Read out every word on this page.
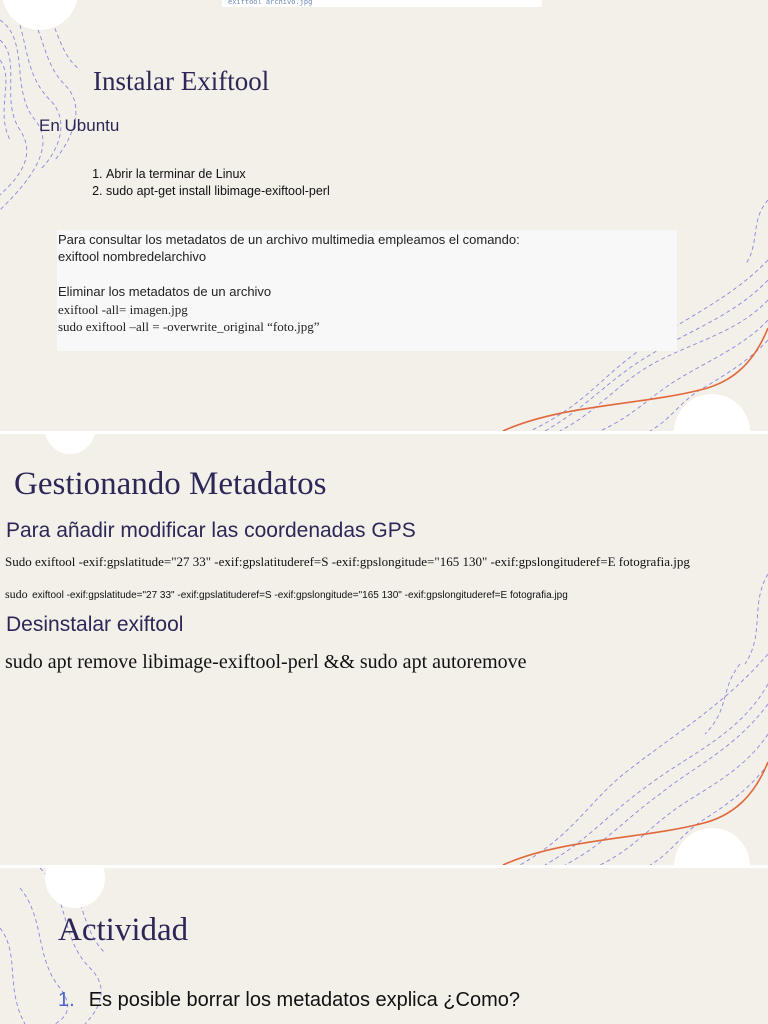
exiftool archivo.jpg
Instalar Exiftool
En Ubuntu
1. Abrir la terminar de Linux
2. sudo apt-get install libimage-exiftool-perl
Para consultar los metadatos de un archivo multimedia empleamos el comando:
exiftool nombredelarchivo
Eliminar los metadatos de un archivo
exiftool -all= imagen.jpg
sudo exiftool –all = -overwrite_original “foto.jpg”
Gestionando Metadatos
Para añadir modificar las coordenadas GPS
Sudo exiftool -exif:gpslatitude="27 33" -exif:gpslatituderef=S -exif:gpslongitude="165 130" -exif:gpslongituderef=E fotografia.jpg
sudo exiftool -exif:gpslatitude="27 33" -exif:gpslatituderef=S -exif:gpslongitude="165 130" -exif:gpslongituderef=E fotografia.jpg
Desinstalar exiftool
sudo apt remove libimage-exiftool-perl && sudo apt autoremove
Actividad
1. Es posible borrar los metadatos explica ¿Como?
